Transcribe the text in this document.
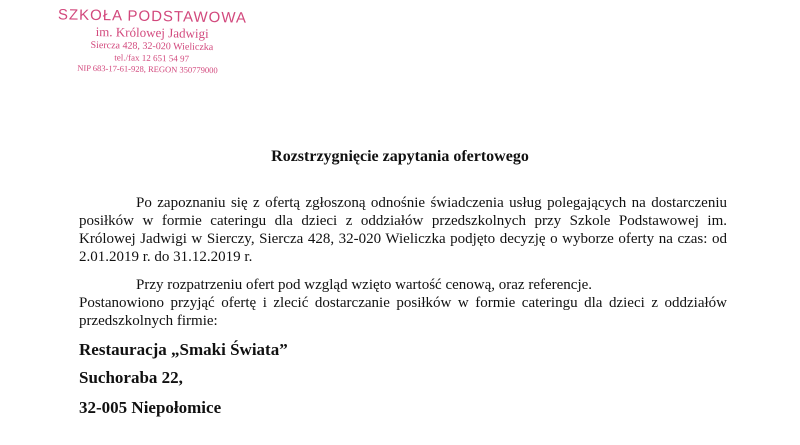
SZKOŁA PODSTAWOWA
im. Królowej Jadwigi
Siercza 428, 32-020 Wieliczka
tel./fax 12 651 54 97
NIP 683-17-61-928, REGON 350779000
Rozstrzygnięcie zapytania ofertowego
Po zapoznaniu się z ofertą zgłoszoną odnośnie świadczenia usług polegających na dostarczeniu posiłków w formie cateringu dla dzieci z oddziałów przedszkolnych przy Szkole Podstawowej im. Królowej Jadwigi w Sierczy, Siercza 428, 32-020 Wieliczka podjęto decyzję o wyborze oferty na czas: od 2.01.2019 r. do 31.12.2019 r.
Przy rozpatrzeniu ofert pod wzgląd wzięto wartość cenową, oraz referencje.
Postanowiono przyjąć ofertę i zlecić dostarczanie posiłków w formie cateringu dla dzieci z oddziałów przedszkolnych firmie:
Restauracja „Smaki Świata”
Suchoraba 22,
32-005 Niepołomice
